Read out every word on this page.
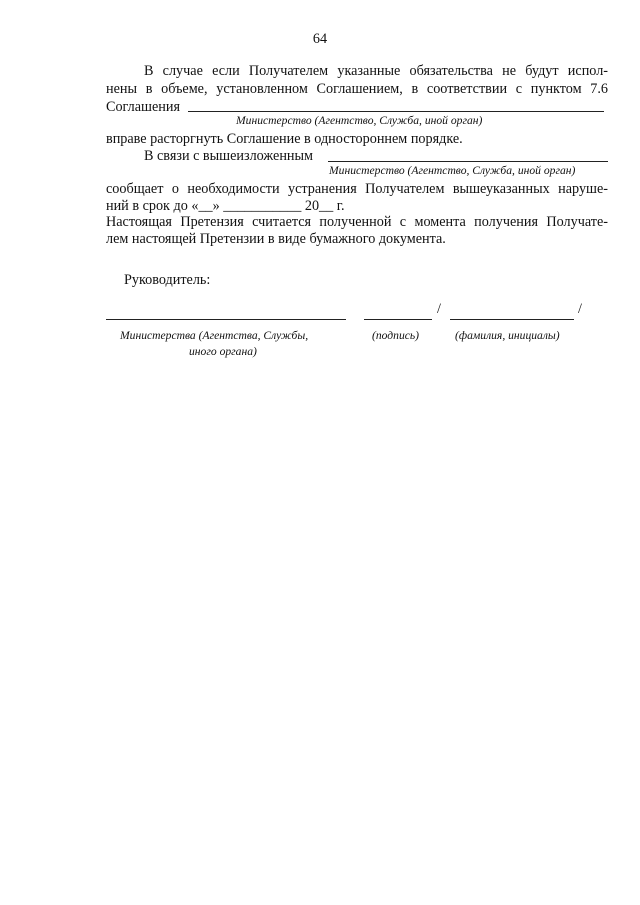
64
В случае если Получателем указанные обязательства не будут испол-
нены в объеме, установленном Соглашением, в соответствии с пунктом 7.6
Соглашения
Министерство (Агентство, Служба, иной орган)
вправе расторгнуть Соглашение в одностороннем порядке.
В связи с вышеизложенным
Министерство (Агентство, Служба, иной орган)
сообщает о необходимости устранения Получателем вышеуказанных наруше-
ний в срок до «__» ___________ 20__ г.
Настоящая Претензия считается полученной с момента получения Получате-
лем настоящей Претензии в виде бумажного документа.
Руководитель:
/	/
Министерства (Агентства, Службы,
иного органа)
(подпись)	(фамилия, инициалы)
